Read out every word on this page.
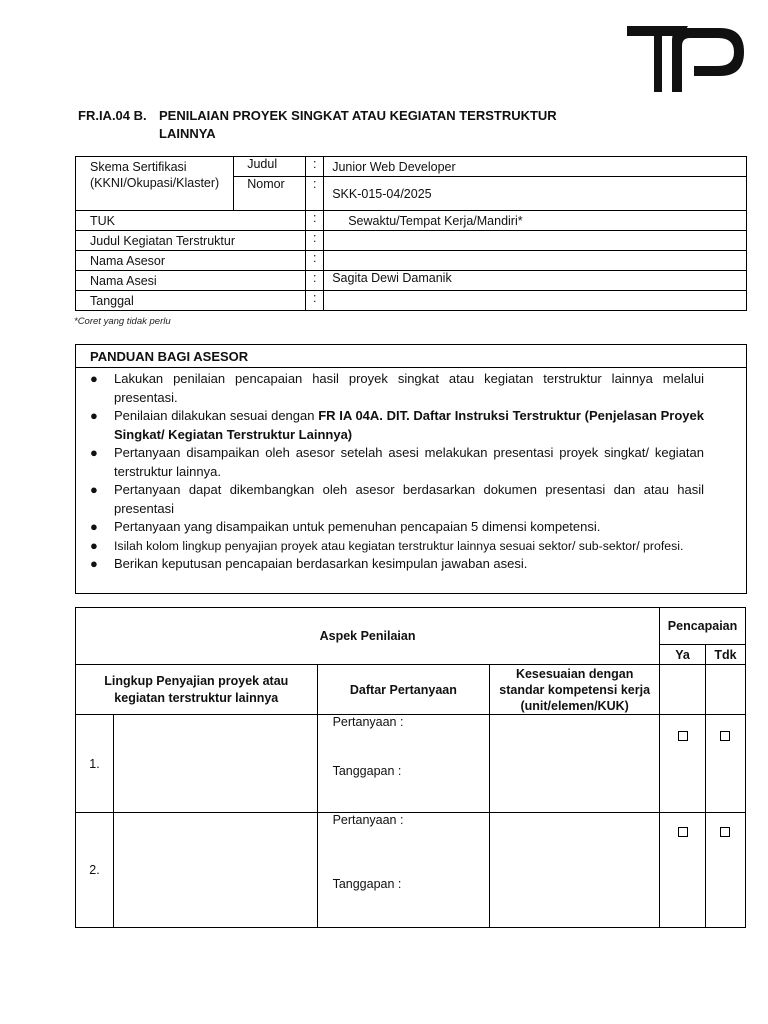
FR.IA.04 B. PENILAIAN PROYEK SINGKAT ATAU KEGIATAN TERSTRUKTUR LAINNYA
Skema Sertifikasi (KKNI/Okupasi/Klaster)	Judul	:	Junior Web Developer
	Nomor	:	SKK-015-04/2025
TUK		:	Sewaktu/Tempat Kerja/Mandiri*
Judul Kegiatan Terstruktur		:	
Nama Asesor		:	
Nama Asesi		:	Sagita Dewi Damanik
Tanggal		:	
*Coret yang tidak perlu
PANDUAN BAGI ASESOR
● Lakukan penilaian pencapaian hasil proyek singkat atau kegiatan terstruktur lainnya melalui presentasi.
● Penilaian dilakukan sesuai dengan FR IA 04A. DIT. Daftar Instruksi Terstruktur (Penjelasan Proyek Singkat/ Kegiatan Terstruktur Lainnya)
● Pertanyaan disampaikan oleh asesor setelah asesi melakukan presentasi proyek singkat/ kegiatan terstruktur lainnya.
● Pertanyaan dapat dikembangkan oleh asesor berdasarkan dokumen presentasi dan atau hasil presentasi
● Pertanyaan yang disampaikan untuk pemenuhan pencapaian 5 dimensi kompetensi.
● Isilah kolom lingkup penyajian proyek atau kegiatan terstruktur lainnya sesuai sektor/ sub-sektor/ profesi.
● Berikan keputusan pencapaian berdasarkan kesimpulan jawaban asesi.
Aspek Penilaian				Pencapaian	
				Ya	Tdk
Lingkup Penyajian proyek atau kegiatan terstruktur lainnya		Daftar Pertanyaan	Kesesuaian dengan standar kompetensi kerja (unit/elemen/KUK)		
1.		Pertanyaan :
Tanggapan :			

2.		Pertanyaan :
Tanggapan :			
